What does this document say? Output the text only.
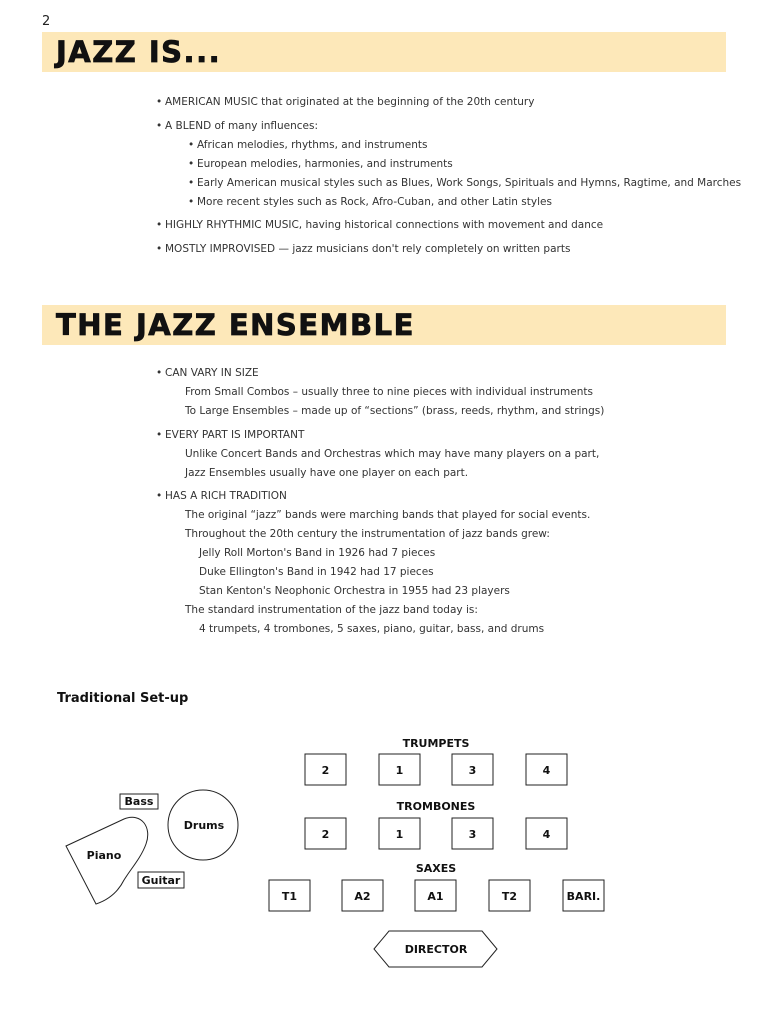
2
JAZZ IS...
• AMERICAN MUSIC that originated at the beginning of the 20th century
• A BLEND of many influences:
• African melodies, rhythms, and instruments
• European melodies, harmonies, and instruments
• Early American musical styles such as Blues, Work Songs, Spirituals and Hymns, Ragtime, and Marches
• More recent styles such as Rock, Afro-Cuban, and other Latin styles
• HIGHLY RHYTHMIC MUSIC, having historical connections with movement and dance
• MOSTLY IMPROVISED — jazz musicians don't rely completely on written parts
THE JAZZ ENSEMBLE
• CAN VARY IN SIZE
From Small Combos – usually three to nine pieces with individual instruments
To Large Ensembles – made up of “sections” (brass, reeds, rhythm, and strings)
• EVERY PART IS IMPORTANT
Unlike Concert Bands and Orchestras which may have many players on a part,
Jazz Ensembles usually have one player on each part.
• HAS A RICH TRADITION
The original “jazz” bands were marching bands that played for social events.
Throughout the 20th century the instrumentation of jazz bands grew:
Jelly Roll Morton's Band in 1926 had 7 pieces
Duke Ellington's Band in 1942 had 17 pieces
Stan Kenton's Neophonic Orchestra in 1955 had 23 players
The standard instrumentation of the jazz band today is:
4 trumpets, 4 trombones, 5 saxes, piano, guitar, bass, and drums
Traditional Set-up
TRUMPETS
2	1	3	4
TROMBONES
2	1	3	4
SAXES
T1	A2	A1	T2	BARI.
DIRECTOR
Bass
Drums
Piano
Guitar
